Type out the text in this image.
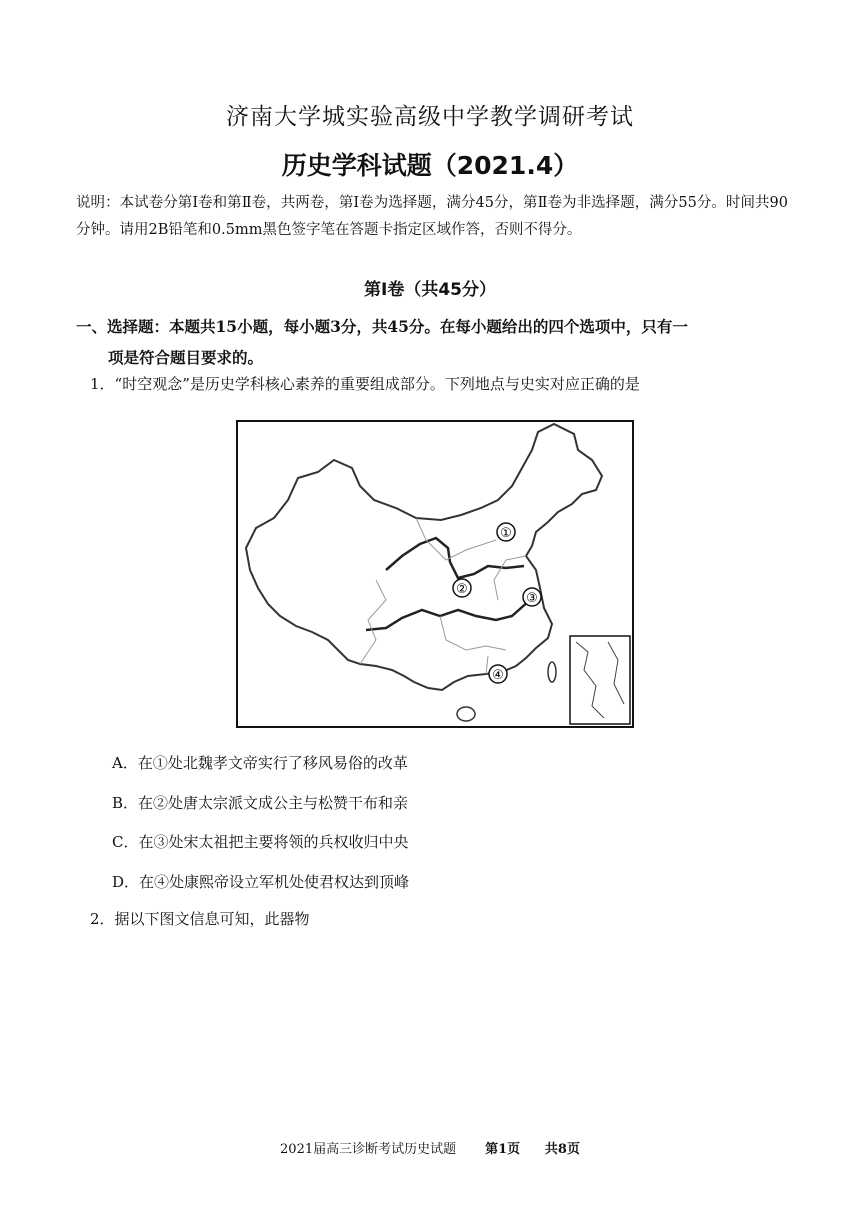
济南大学城实验高级中学教学调研考试
历史学科试题（2021.4）
说明：本试卷分第Ⅰ卷和第Ⅱ卷，共两卷，第Ⅰ卷为选择题，满分45分，第Ⅱ卷为非选择题，满分55分。时间共90分钟。请用2B铅笔和0.5mm黑色签字笔在答题卡指定区域作答，否则不得分。
第Ⅰ卷（共45分）
一、选择题：本题共15小题，每小题3分，共45分。在每小题给出的四个选项中，只有一
项是符合题目要求的。
1．“时空观念”是历史学科核心素养的重要组成部分。下列地点与史实对应正确的是
①
②
③
④
A．在①处北魏孝文帝实行了移风易俗的改革
B．在②处唐太宗派文成公主与松赞干布和亲
C．在③处宋太祖把主要将领的兵权收归中央
D．在④处康熙帝设立军机处使君权达到顶峰
2．据以下图文信息可知，此器物
2021届高三诊断考试历史试题 第1页 共8页
